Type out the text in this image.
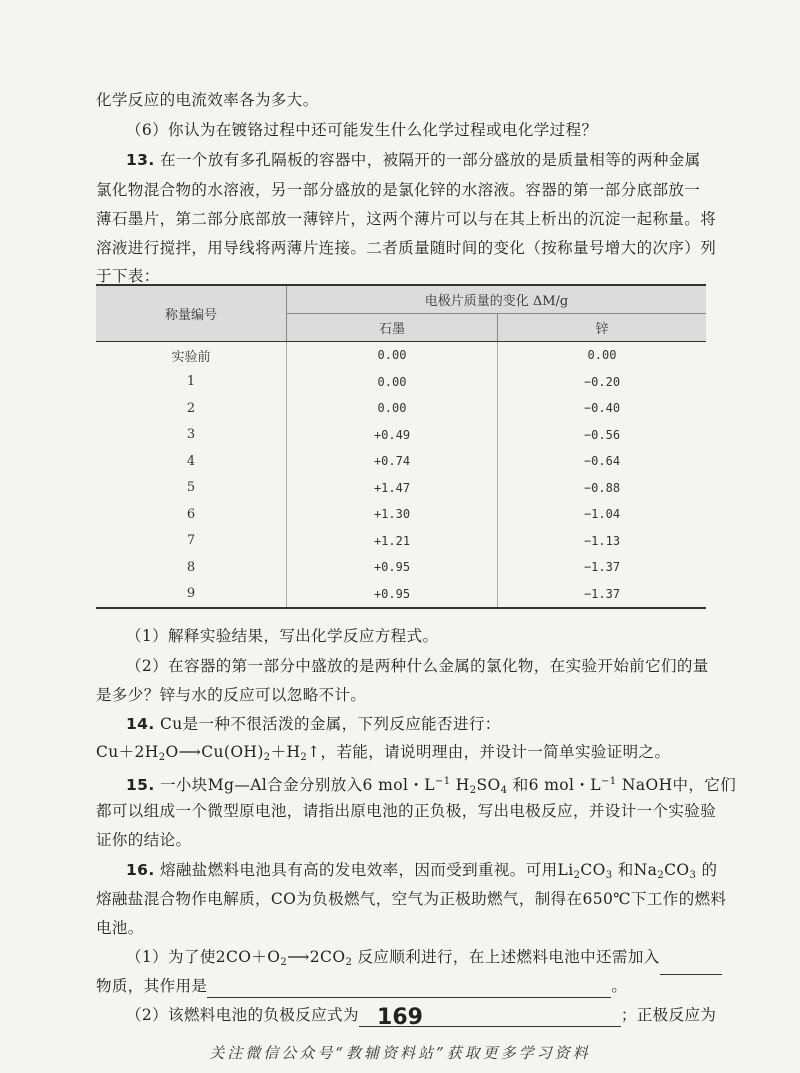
化学反应的电流效率各为多大。
（6）你认为在镀铬过程中还可能发生什么化学过程或电化学过程？
13. 在一个放有多孔隔板的容器中，被隔开的一部分盛放的是质量相等的两种金属
氯化物混合物的水溶液，另一部分盛放的是氯化锌的水溶液。容器的第一部分底部放一
薄石墨片，第二部分底部放一薄锌片，这两个薄片可以与在其上析出的沉淀一起称量。将
溶液进行搅拌，用导线将两薄片连接。二者质量随时间的变化（按称量号增大的次序）列
于下表：
称量编号	电极片质量的变化 ΔM/g	
	石墨	锌
实验前	0.00	0.00
1	0.00	−0.20
2	0.00	−0.40
3	+0.49	−0.56
4	+0.74	−0.64
5	+1.47	−0.88
6	+1.30	−1.04
7	+1.21	−1.13
8	+0.95	−1.37
9	+0.95	−1.37
（1）解释实验结果，写出化学反应方程式。
（2）在容器的第一部分中盛放的是两种什么金属的氯化物，在实验开始前它们的量
是多少？锌与水的反应可以忽略不计。
14. Cu是一种不很活泼的金属，下列反应能否进行：
$Cu+2H_2O⟶Cu(OH)_2+H_2↑$，若能，请说明理由，并设计一简单实验证明之。
15. 一小块Mg—Al合金分别放入6 mol・$L^{-1}$ $H_2SO_4$ 和6 mol・$L^{-1}$ NaOH中，它们
都可以组成一个微型原电池，请指出原电池的正负极，写出电极反应，并设计一个实验验
证你的结论。
16. 熔融盐燃料电池具有高的发电效率，因而受到重视。可用$Li_2CO_3$ 和$Na_2CO_3$ 的
熔融盐混合物作电解质，CO为负极燃气，空气为正极助燃气，制得在650℃下工作的燃料
电池。
（1）为了使$2CO+O_2⟶2CO_2$ 反应顺利进行，在上述燃料电池中还需加入
物质，其作用是	。
（2）该燃料电池的负极反应式为	；正极反应为
169
关注微信公众号“教辅资料站”获取更多学习资料
